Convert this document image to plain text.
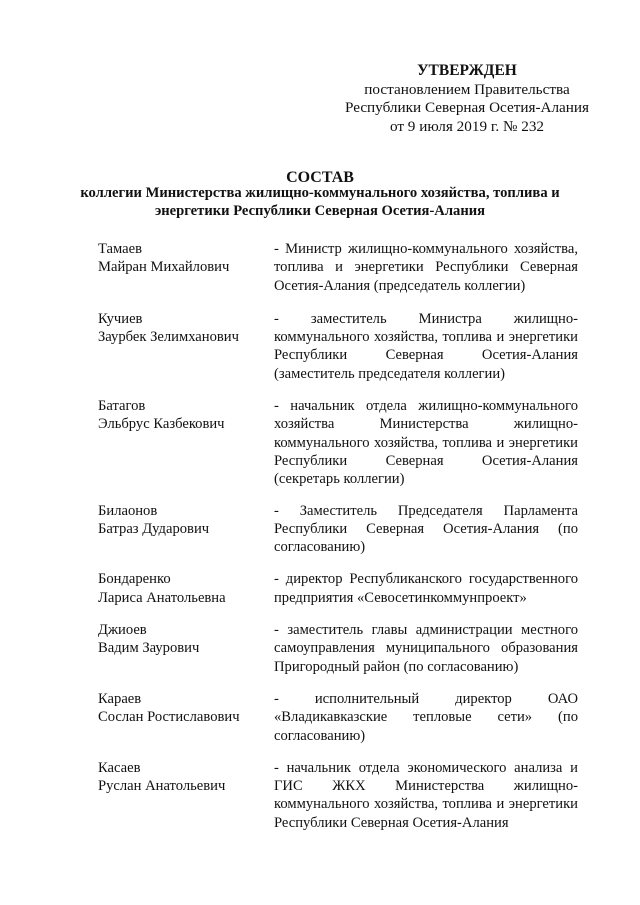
УТВЕРЖДЕН
постановлением Правительства
Республики Северная Осетия-Алания
от 9 июля 2019 г. № 232
СОСТАВ
коллегии Министерства жилищно-коммунального хозяйства, топлива и энергетики Республики Северная Осетия-Алания
Тамаев
Майран Михайлович
- Министр жилищно-коммунального хозяйства, топлива и энергетики Республики Северная Осетия-Алания (председатель коллегии)
Кучиев
Заурбек Зелимханович
- заместитель Министра жилищно-коммунального хозяйства, топлива и энергетики Республики Северная Осетия-Алания (заместитель председателя коллегии)
Батагов
Эльбрус Казбекович
- начальник отдела жилищно-коммунального хозяйства Министерства жилищно-коммунального хозяйства, топлива и энергетики Республики Северная Осетия-Алания (секретарь коллегии)
Билаонов
Батраз Дударович
- Заместитель Председателя Парламента Республики Северная Осетия-Алания (по согласованию)
Бондаренко
Лариса Анатольевна
- директор Республиканского государственного предприятия «Севосетинкоммунпроект»
Джиоев
Вадим Заурович
- заместитель главы администрации местного самоуправления муниципального образования Пригородный район (по согласованию)
Караев
Сослан Ростиславович
- исполнительный директор ОАО «Владикавказские тепловые сети» (по согласованию)
Касаев
Руслан Анатольевич
- начальник отдела экономического анализа и ГИС ЖКХ Министерства жилищно-коммунального хозяйства, топлива и энергетики Республики Северная Осетия-Алания
